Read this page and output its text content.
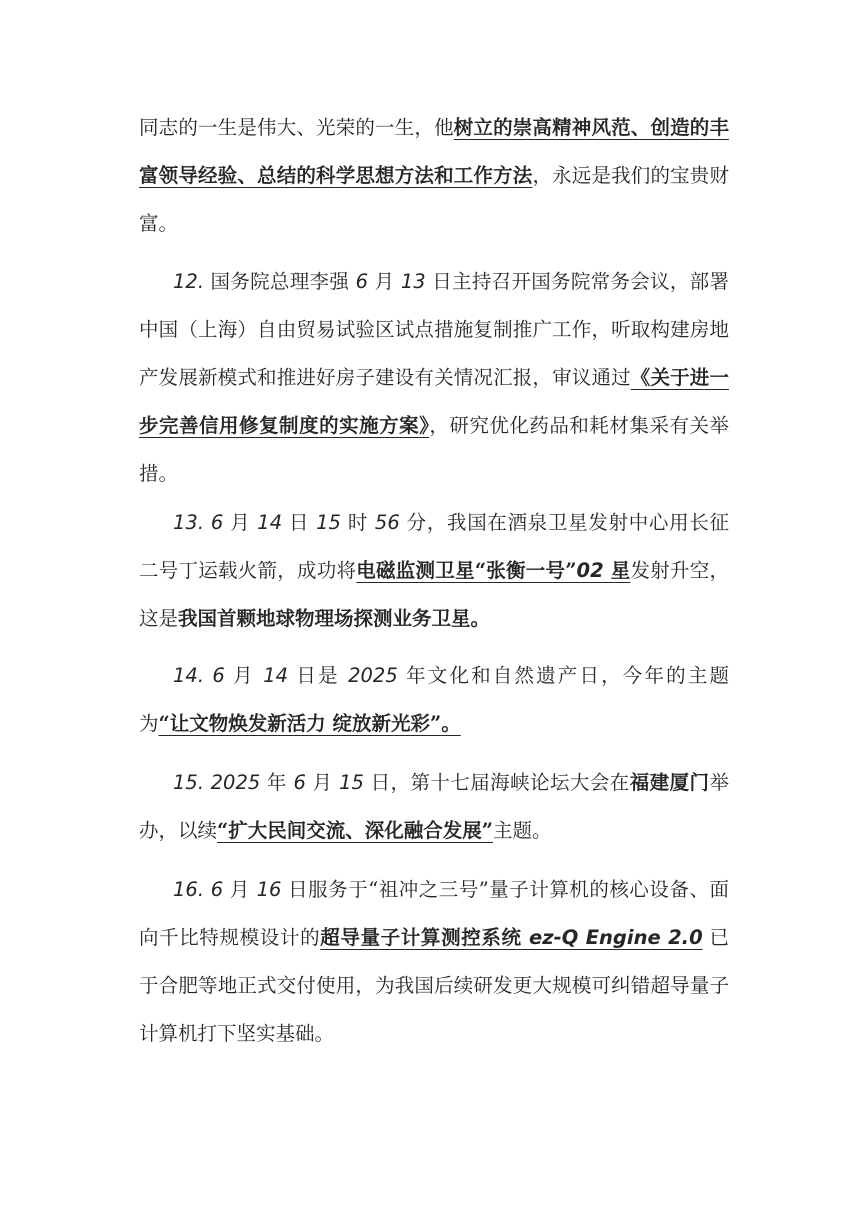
同志的一生是伟大、光荣的一生，他树立的崇高精神风范、创造的丰富领导经验、总结的科学思想方法和工作方法，永远是我们的宝贵财富。

12. 国务院总理李强 6 月 13 日主持召开国务院常务会议，部署中国（上海）自由贸易试验区试点措施复制推广工作，听取构建房地产发展新模式和推进好房子建设有关情况汇报，审议通过《关于进一步完善信用修复制度的实施方案》，研究优化药品和耗材集采有关举措。

13. 6 月 14 日 15 时 56 分，我国在酒泉卫星发射中心用长征二号丁运载火箭，成功将电磁监测卫星“张衡一号”02 星发射升空，这是我国首颗地球物理场探测业务卫星。

14. 6 月 14 日是 2025 年文化和自然遗产日，今年的主题为“让文物焕发新活力 绽放新光彩”。

15. 2025 年 6 月 15 日，第十七届海峡论坛大会在福建厦门举办，以续“扩大民间交流、深化融合发展”主题。

16. 6 月 16 日服务于“祖冲之三号”量子计算机的核心设备、面向千比特规模设计的超导量子计算测控系统 ez-Q Engine 2.0 已于合肥等地正式交付使用，为我国后续研发更大规模可纠错超导量子计算机打下坚实基础。
